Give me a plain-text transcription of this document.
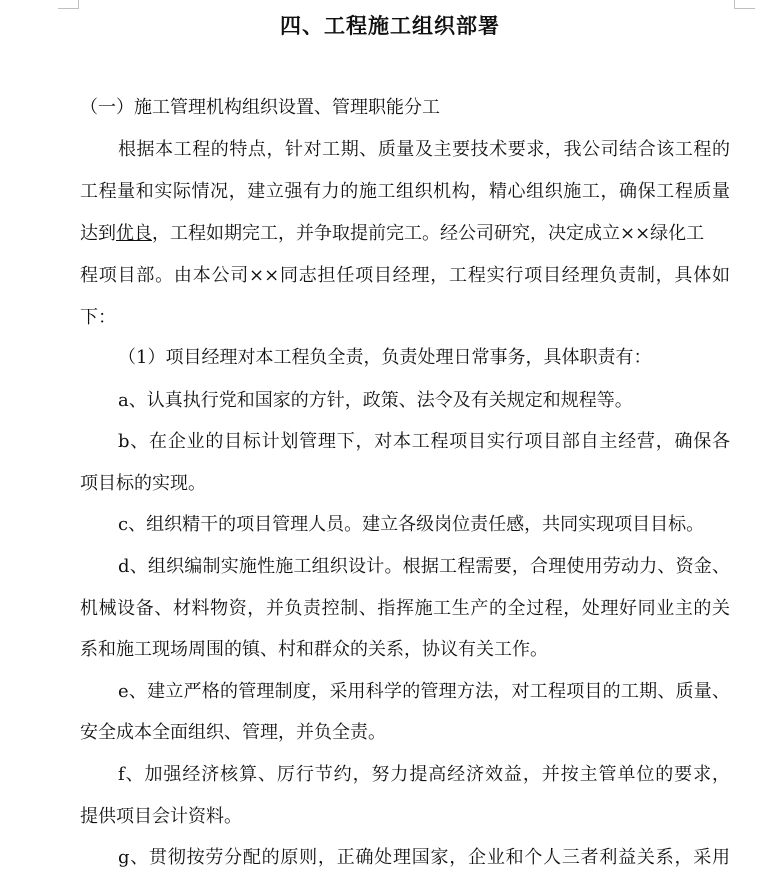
四、工程施工组织部署
（一）施工管理机构组织设置、管理职能分工
根据本工程的特点，针对工期、质量及主要技术要求，我公司结合该工程的
工程量和实际情况，建立强有力的施工组织机构，精心组织施工，确保工程质量
达到优良，工程如期完工，并争取提前完工。经公司研究，决定成立××绿化工
程项目部。由本公司××同志担任项目经理，工程实行项目经理负责制，具体如
下：
（1）项目经理对本工程负全责，负责处理日常事务，具体职责有：
a、认真执行党和国家的方针，政策、法令及有关规定和规程等。
b、在企业的目标计划管理下，对本工程项目实行项目部自主经营，确保各
项目标的实现。
c、组织精干的项目管理人员。建立各级岗位责任感，共同实现项目目标。
d、组织编制实施性施工组织设计。根据工程需要，合理使用劳动力、资金、
机械设备、材料物资，并负责控制、指挥施工生产的全过程，处理好同业主的关
系和施工现场周围的镇、村和群众的关系，协议有关工作。
e、建立严格的管理制度，采用科学的管理方法，对工程项目的工期、质量、
安全成本全面组织、管理，并负全责。
f、加强经济核算、厉行节约，努力提高经济效益，并按主管单位的要求，
提供项目会计资料。
g、贯彻按劳分配的原则，正确处理国家，企业和个人三者利益关系，采用
